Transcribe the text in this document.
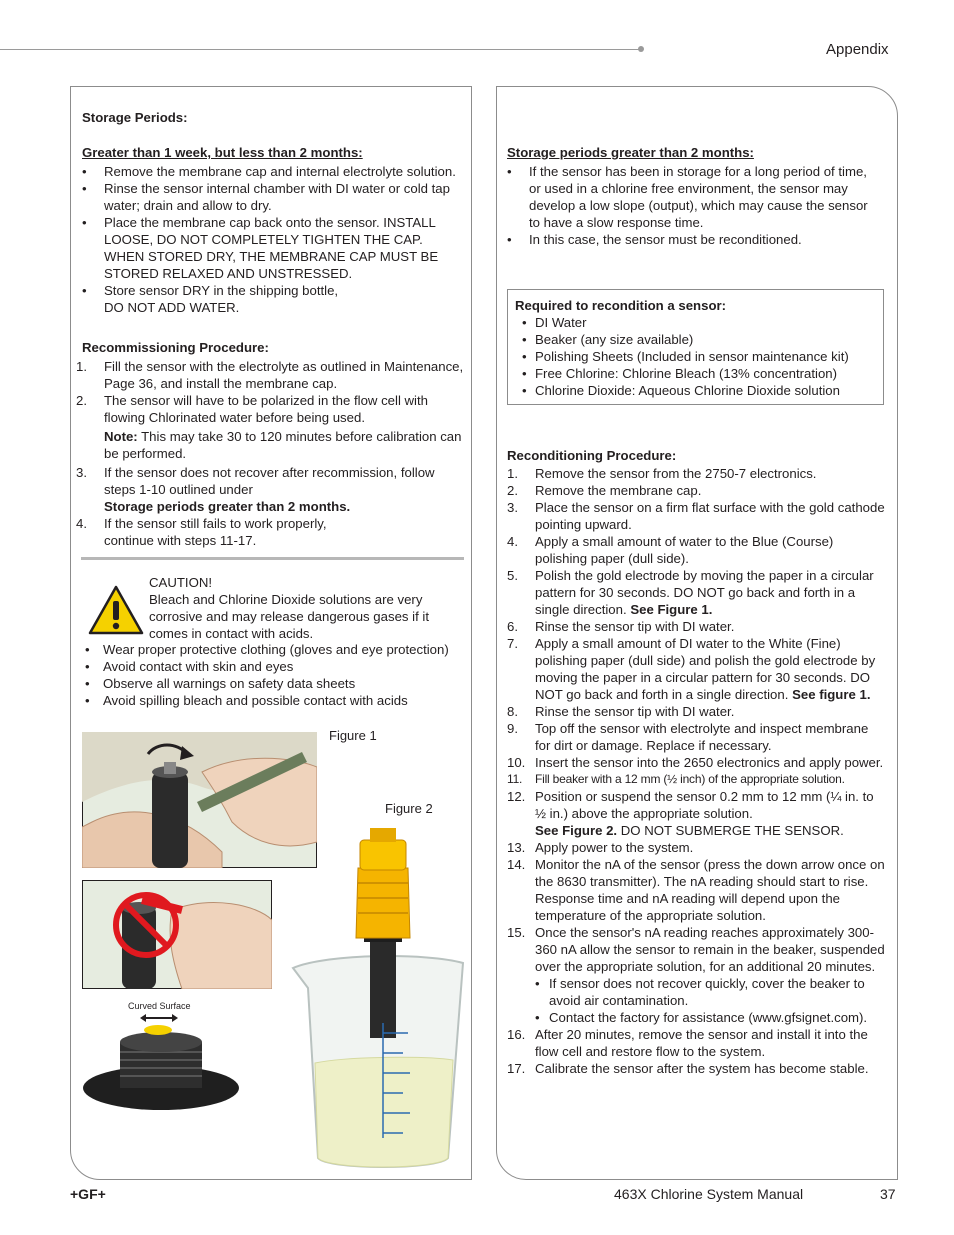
Appendix

Storage Periods:

Greater than 1 week, but less than 2 months:

• Remove the membrane cap and internal electrolyte solution.
• Rinse the sensor internal chamber with DI water or cold tap water; drain and allow to dry.
• Place the membrane cap back onto the sensor. INSTALL LOOSE, DO NOT COMPLETELY TIGHTEN THE CAP. WHEN STORED DRY, THE MEMBRANE CAP MUST BE STORED RELAXED AND UNSTRESSED.
• Store sensor DRY in the shipping bottle,
DO NOT ADD WATER.

Recommissioning Procedure:

1. Fill the sensor with the electrolyte as outlined in Maintenance, Page 36, and install the membrane cap.
2. The sensor will have to be polarized in the flow cell with flowing Chlorinated water before being used.
Note: This may take 30 to 120 minutes before calibration can be performed.
3. If the sensor does not recover after recommission, follow steps 1-10 outlined under
Storage periods greater than 2 months.
4. If the sensor still fails to work properly,
continue with steps 11-17.

CAUTION!

Bleach and Chlorine Dioxide solutions are very corrosive and may release dangerous gases if it comes in contact with acids.

• Wear proper protective clothing (gloves and eye protection)
• Avoid contact with skin and eyes
• Observe all warnings on safety data sheets
• Avoid spilling bleach and possible contact with acids
Figure 1
Curved Surface
Figure 2

Storage periods greater than 2 months:

• If the sensor has been in storage for a long period of time, or used in a chlorine free environment, the sensor may develop a low slope (output), which may cause the sensor to have a slow response time.
• In this case, the sensor must be reconditioned.

Required to recondition a sensor:

• DI Water
• Beaker (any size available)
• Polishing Sheets (Included in sensor maintenance kit)
• Free Chlorine: Chlorine Bleach (13% concentration)
• Chlorine Dioxide: Aqueous Chlorine Dioxide solution

Reconditioning Procedure:

1. Remove the sensor from the 2750-7 electronics.
2. Remove the membrane cap.
3. Place the sensor on a firm flat surface with the gold cathode pointing upward.
4. Apply a small amount of water to the Blue (Course) polishing paper (dull side).
5. Polish the gold electrode by moving the paper in a circular pattern for 30 seconds. DO NOT go back and forth in a single direction. See Figure 1.
6. Rinse the sensor tip with DI water.
7. Apply a small amount of DI water to the White (Fine) polishing paper (dull side) and polish the gold electrode by moving the paper in a circular pattern for 30 seconds. DO NOT go back and forth in a single direction. See figure 1.
8. Rinse the sensor tip with DI water.
9. Top off the sensor with electrolyte and inspect membrane for dirt or damage. Replace if necessary.
10. Insert the sensor into the 2650 electronics and apply power.
11. Fill beaker with a 12 mm (½ inch) of the appropriate solution.
12. Position or suspend the sensor 0.2 mm to 12 mm (¼ in. to ½ in.) above the appropriate solution.
See Figure 2. DO NOT SUBMERGE THE SENSOR.
13. Apply power to the system.
14. Monitor the nA of the sensor (press the down arrow once on the 8630 transmitter). The nA reading should start to rise. Response time and nA reading will depend upon the temperature of the appropriate solution.
15. Once the sensor's nA reading reaches approximately 300-360 nA allow the sensor to remain in the beaker, suspended over the appropriate solution, for an additional 20 minutes.
• If sensor does not recover quickly, cover the beaker to avoid air contamination.
• Contact the factory for assistance (www.gfsignet.com).
16. After 20 minutes, remove the sensor and install it into the flow cell and restore flow to the system.
17. Calibrate the sensor after the system has become stable.
+GF+	463X Chlorine System Manual	37
